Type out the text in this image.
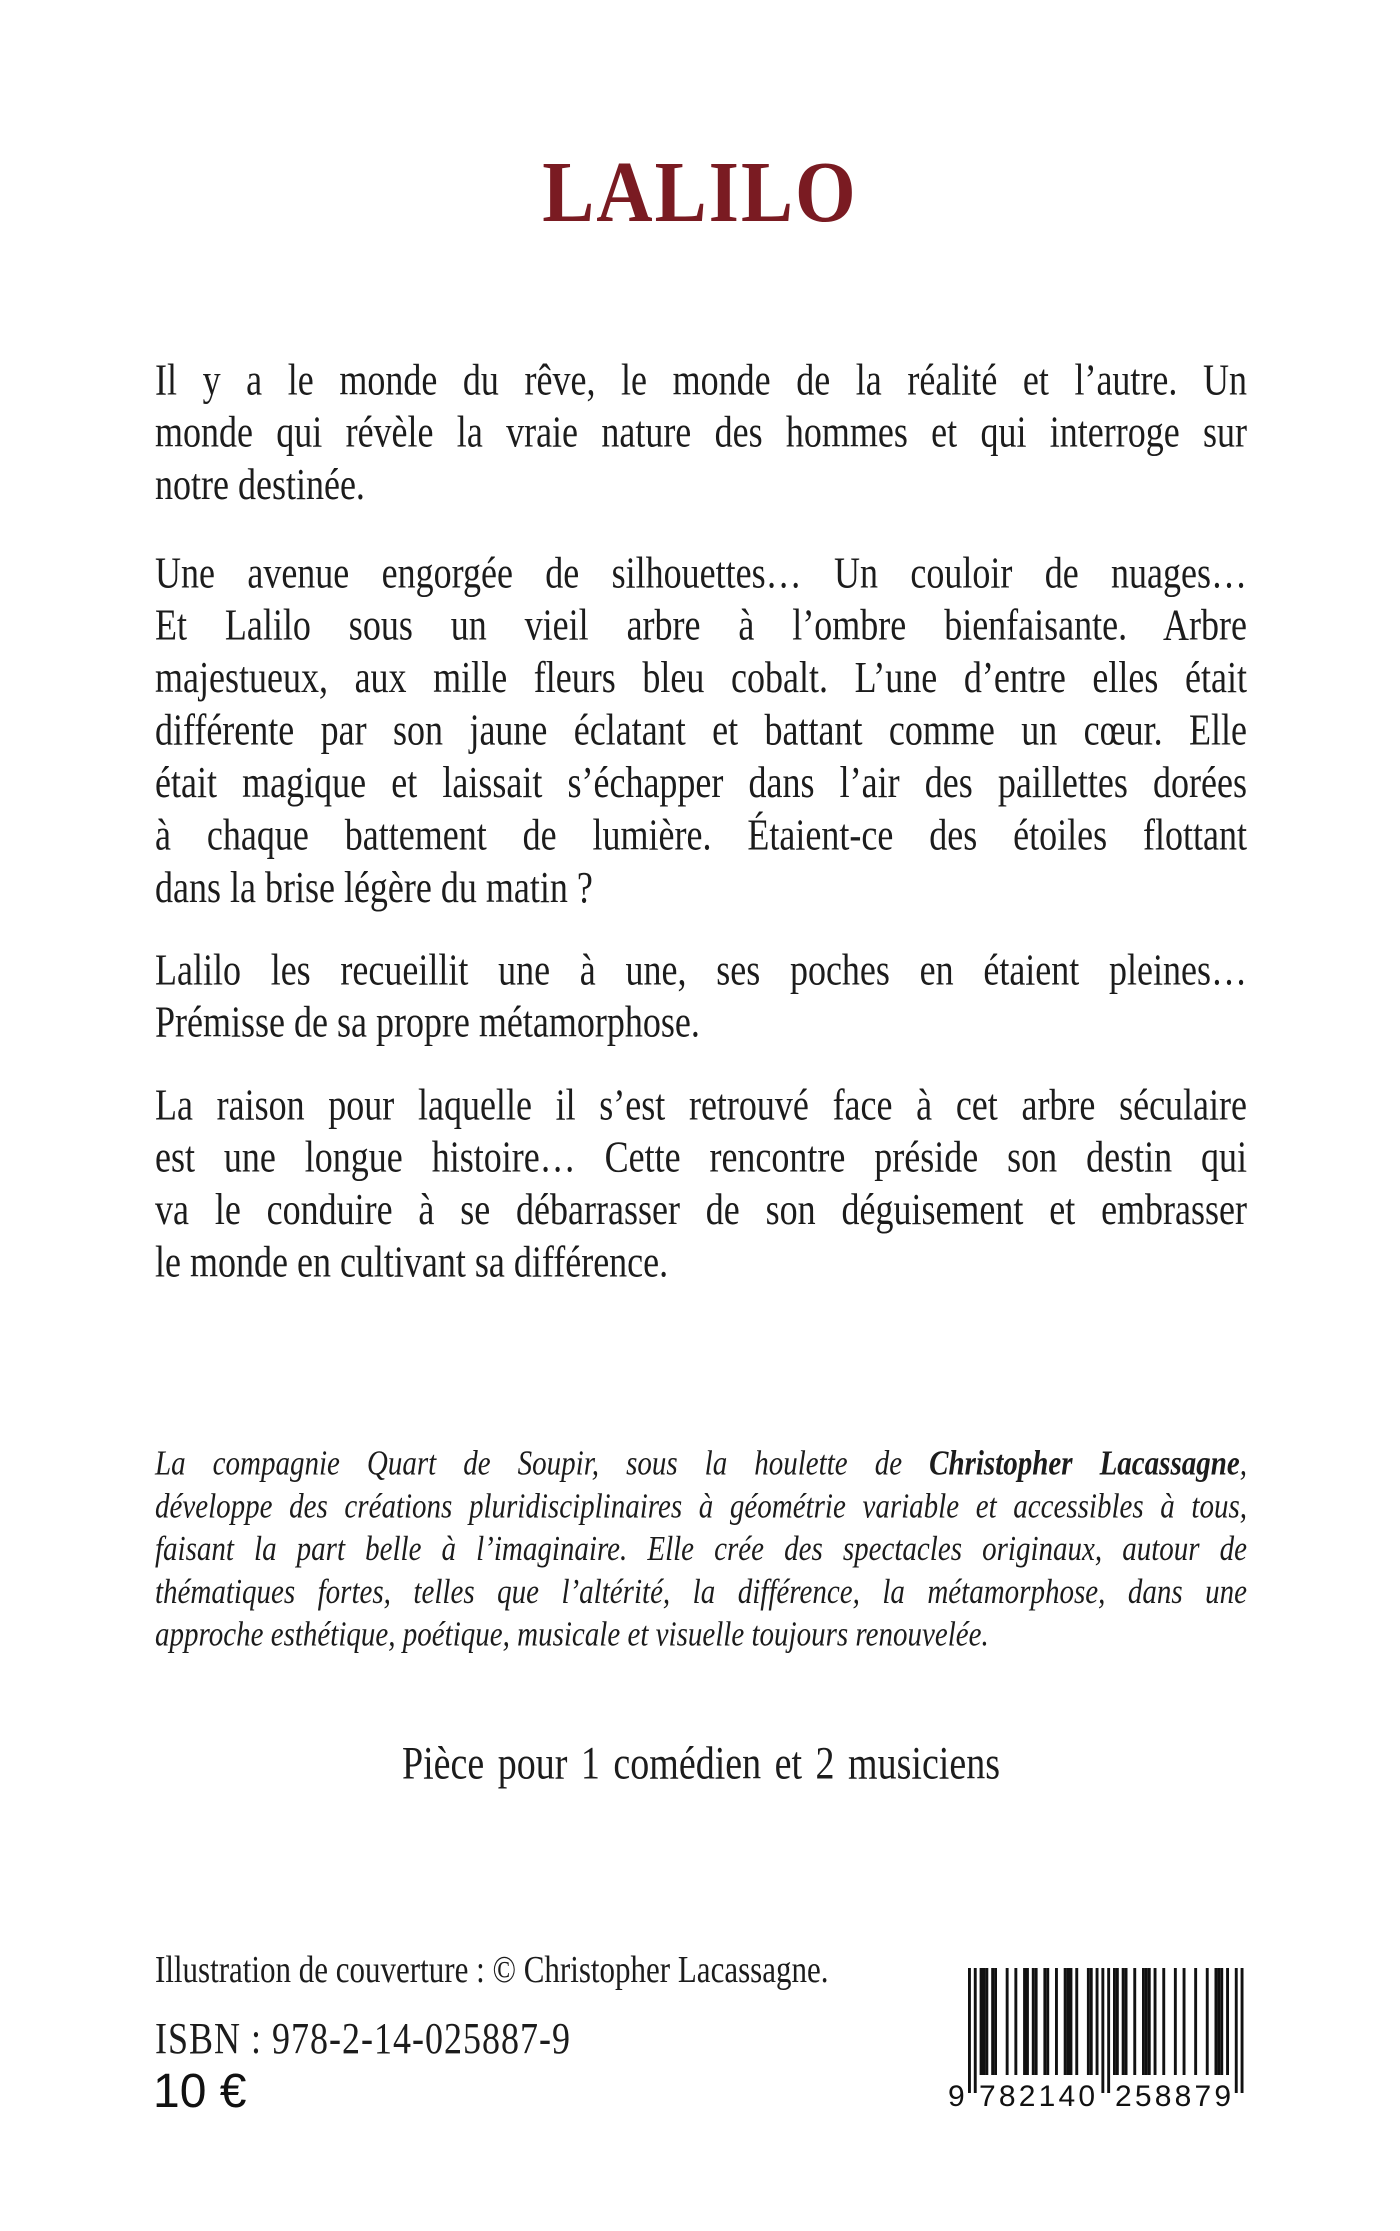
LALILO
Il y a le monde du rêve, le monde de la réalité et l’autre. Un
monde qui révèle la vraie nature des hommes et qui interroge sur
notre destinée.
Une avenue engorgée de silhouettes… Un couloir de nuages…
Et Lalilo sous un vieil arbre à l’ombre bienfaisante. Arbre
majestueux, aux mille fleurs bleu cobalt. L’une d’entre elles était
différente par son jaune éclatant et battant comme un cœur. Elle
était magique et laissait s’échapper dans l’air des paillettes dorées
à chaque battement de lumière. Étaient-ce des étoiles flottant
dans la brise légère du matin ?
Lalilo les recueillit une à une, ses poches en étaient pleines…
Prémisse de sa propre métamorphose.
La raison pour laquelle il s’est retrouvé face à cet arbre séculaire
est une longue histoire… Cette rencontre préside son destin qui
va le conduire à se débarrasser de son déguisement et embrasser
le monde en cultivant sa différence.
La compagnie Quart de Soupir, sous la houlette de Christopher Lacassagne,
développe des créations pluridisciplinaires à géométrie variable et accessibles à tous,
faisant la part belle à l’imaginaire. Elle crée des spectacles originaux, autour de
thématiques fortes, telles que l’altérité, la différence, la métamorphose, dans une
approche esthétique, poétique, musicale et visuelle toujours renouvelée.
Pièce pour 1 comédien et 2 musiciens
Illustration de couverture : © Christopher Lacassagne.
ISBN : 978-2-14-025887-9
10 €	9 782140 258879
